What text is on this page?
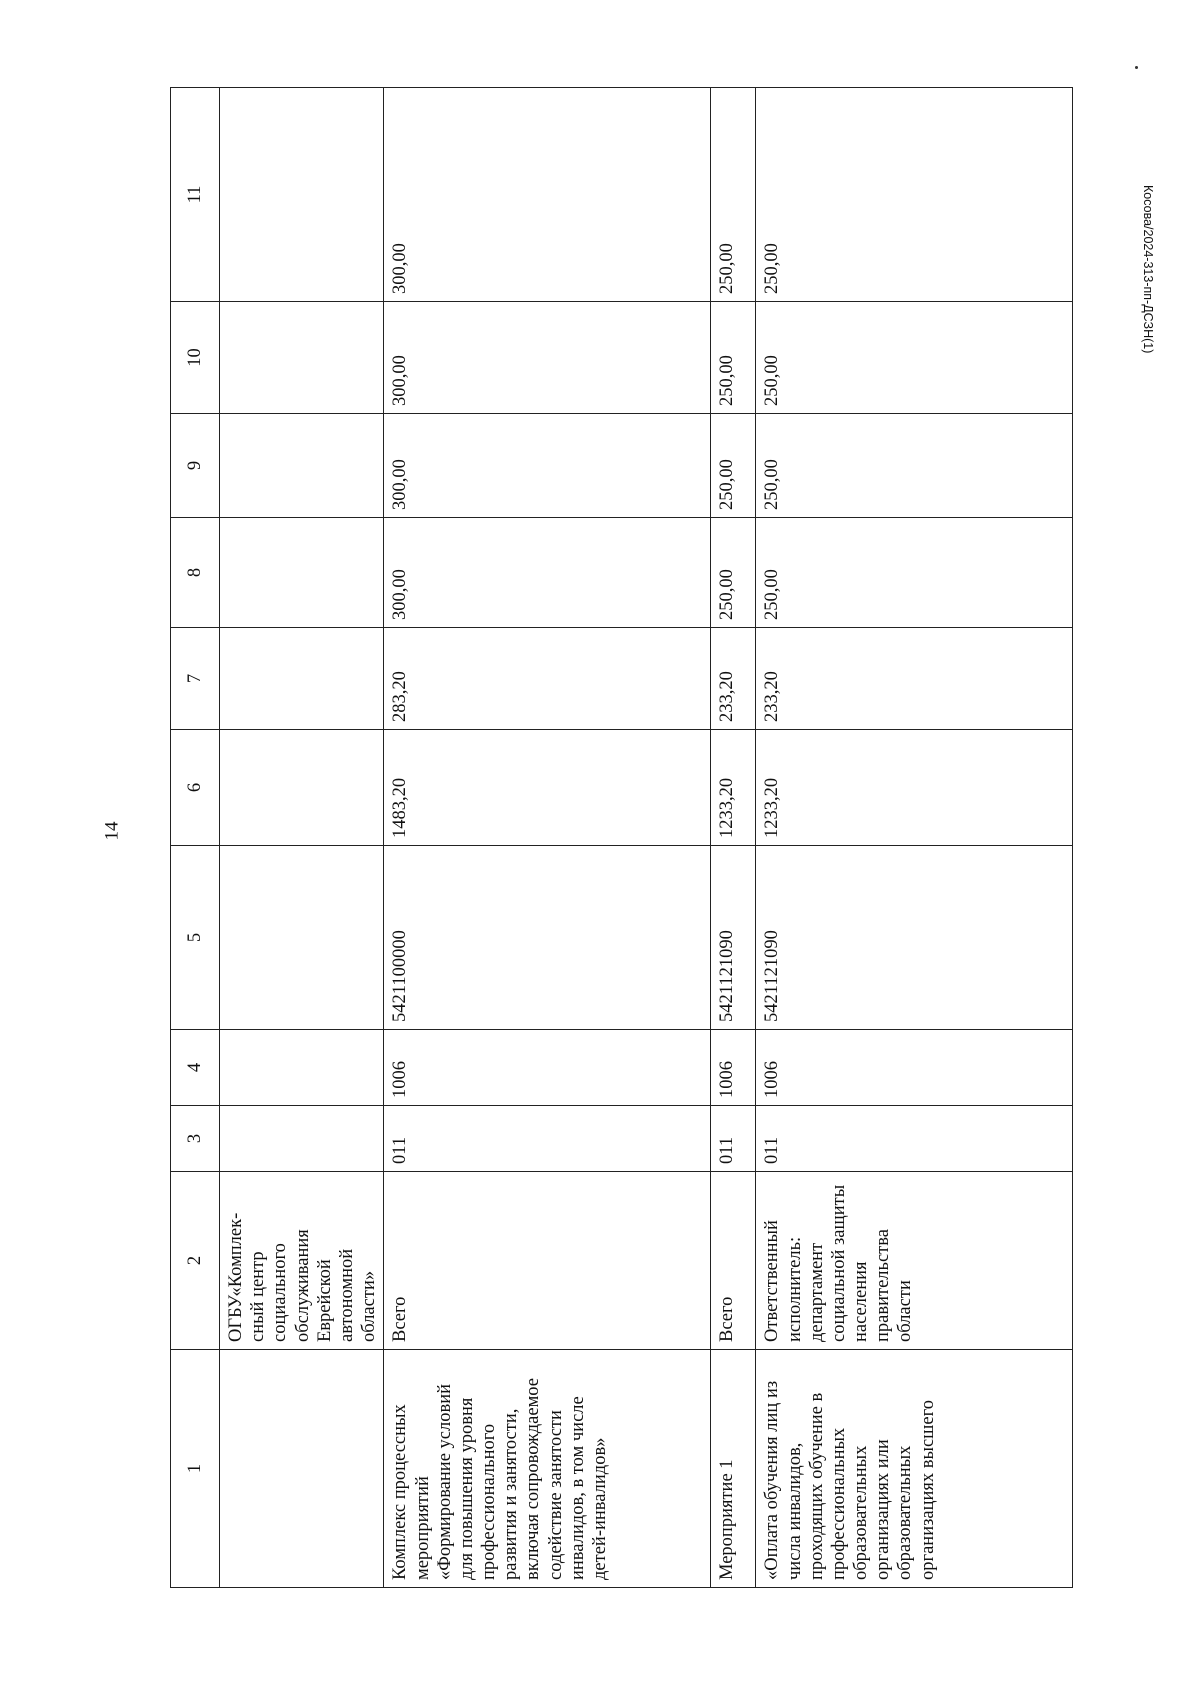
14
Косова/2024-313-пп-ДСЗН(1)
1	2	3	4	5	6	7	8	9	10	11
	ОГБУ«Комплек-сный центр социального обслуживания Еврейской автономной области»									
Комплекс процессных мероприятий «Формирование условий для повышения уровня профессионального развития и занятости, включая сопровождаемое содействие занятости инвалидов, в том числе детей-инвалидов»	Всего	011	1006	5421100000	1483,20	283,20	300,00	300,00	300,00	300,00
Мероприятие 1	Всего	011	1006	5421121090	1233,20	233,20	250,00	250,00	250,00	250,00
«Оплата обучения лиц из числа инвалидов, проходящих обучение в профессиональных образовательных организациях или образовательных организациях высшего	Ответственный исполнитель: департамент социальной защиты населения правительства области	011	1006	5421121090	1233,20	233,20	250,00	250,00	250,00	250,00
